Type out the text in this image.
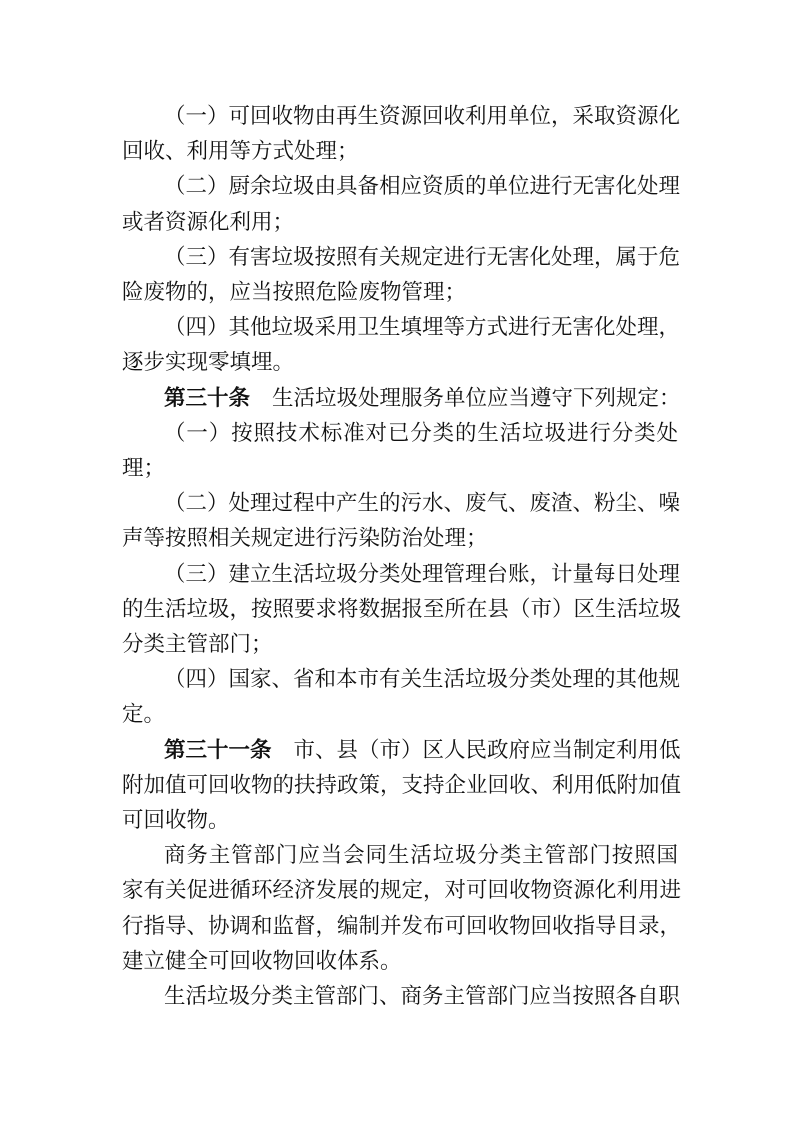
（一）可回收物由再生资源回收利用单位，采取资源化
回收、利用等方式处理；
（二）厨余垃圾由具备相应资质的单位进行无害化处理
或者资源化利用；
（三）有害垃圾按照有关规定进行无害化处理，属于危
险废物的，应当按照危险废物管理；
（四）其他垃圾采用卫生填埋等方式进行无害化处理，
逐步实现零填埋。
第三十条 生活垃圾处理服务单位应当遵守下列规定：
（一）按照技术标准对已分类的生活垃圾进行分类处
理；
（二）处理过程中产生的污水、废气、废渣、粉尘、噪
声等按照相关规定进行污染防治处理；
（三）建立生活垃圾分类处理管理台账，计量每日处理
的生活垃圾，按照要求将数据报至所在县（市）区生活垃圾
分类主管部门；
（四）国家、省和本市有关生活垃圾分类处理的其他规
定。
第三十一条 市、县（市）区人民政府应当制定利用低
附加值可回收物的扶持政策，支持企业回收、利用低附加值
可回收物。
商务主管部门应当会同生活垃圾分类主管部门按照国
家有关促进循环经济发展的规定，对可回收物资源化利用进
行指导、协调和监督，编制并发布可回收物回收指导目录，
建立健全可回收物回收体系。
生活垃圾分类主管部门、商务主管部门应当按照各自职
